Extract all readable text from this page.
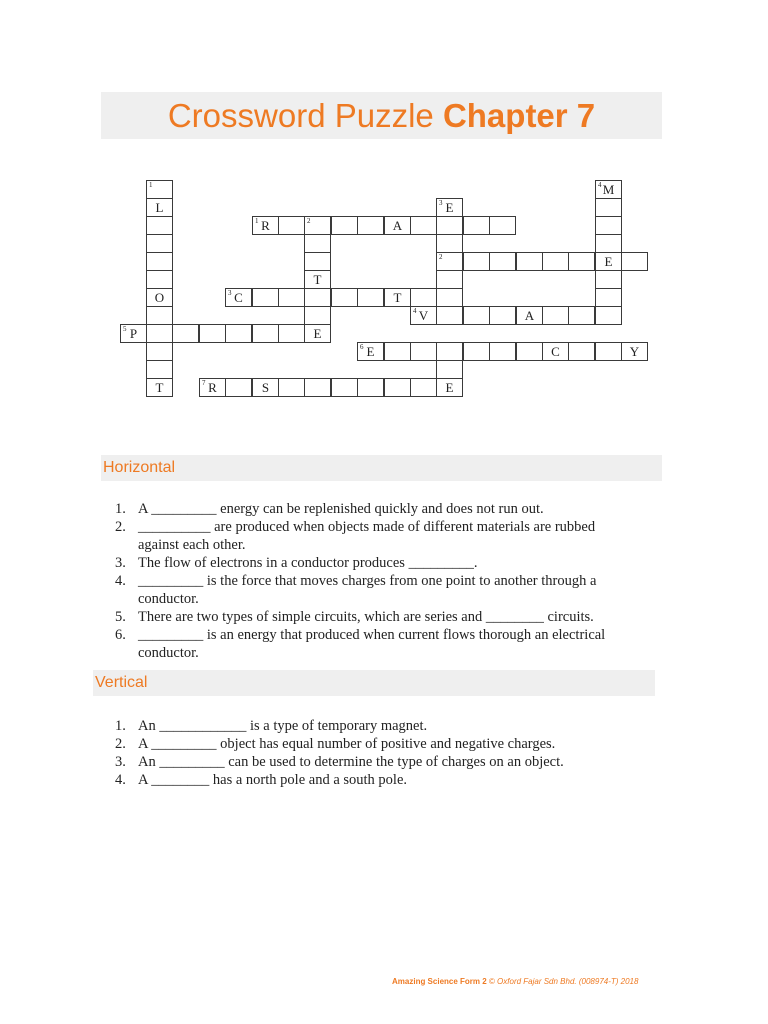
Crossword Puzzle Chapter 7
1
L
O
T
1 R	2	A
T
3 C	T
5 P	E
3 E
2
E
E
4 V	A
4 M
6 E	C	Y
7 R	S
Horizontal
1. A _________ energy can be replenished quickly and does not run out.
2. __________ are produced when objects made of different materials are rubbed
against each other.
3. The flow of electrons in a conductor produces _________.
4. _________ is the force that moves charges from one point to another through a
conductor.
5. There are two types of simple circuits, which are series and ________ circuits.
6. _________ is an energy that produced when current flows thorough an electrical
conductor.
Vertical
1. An ____________ is a type of temporary magnet.
2. A _________ object has equal number of positive and negative charges.
3. An _________ can be used to determine the type of charges on an object.
4. A ________ has a north pole and a south pole.
Amazing Science Form 2 © Oxford Fajar Sdn Bhd. (008974-T) 2018
